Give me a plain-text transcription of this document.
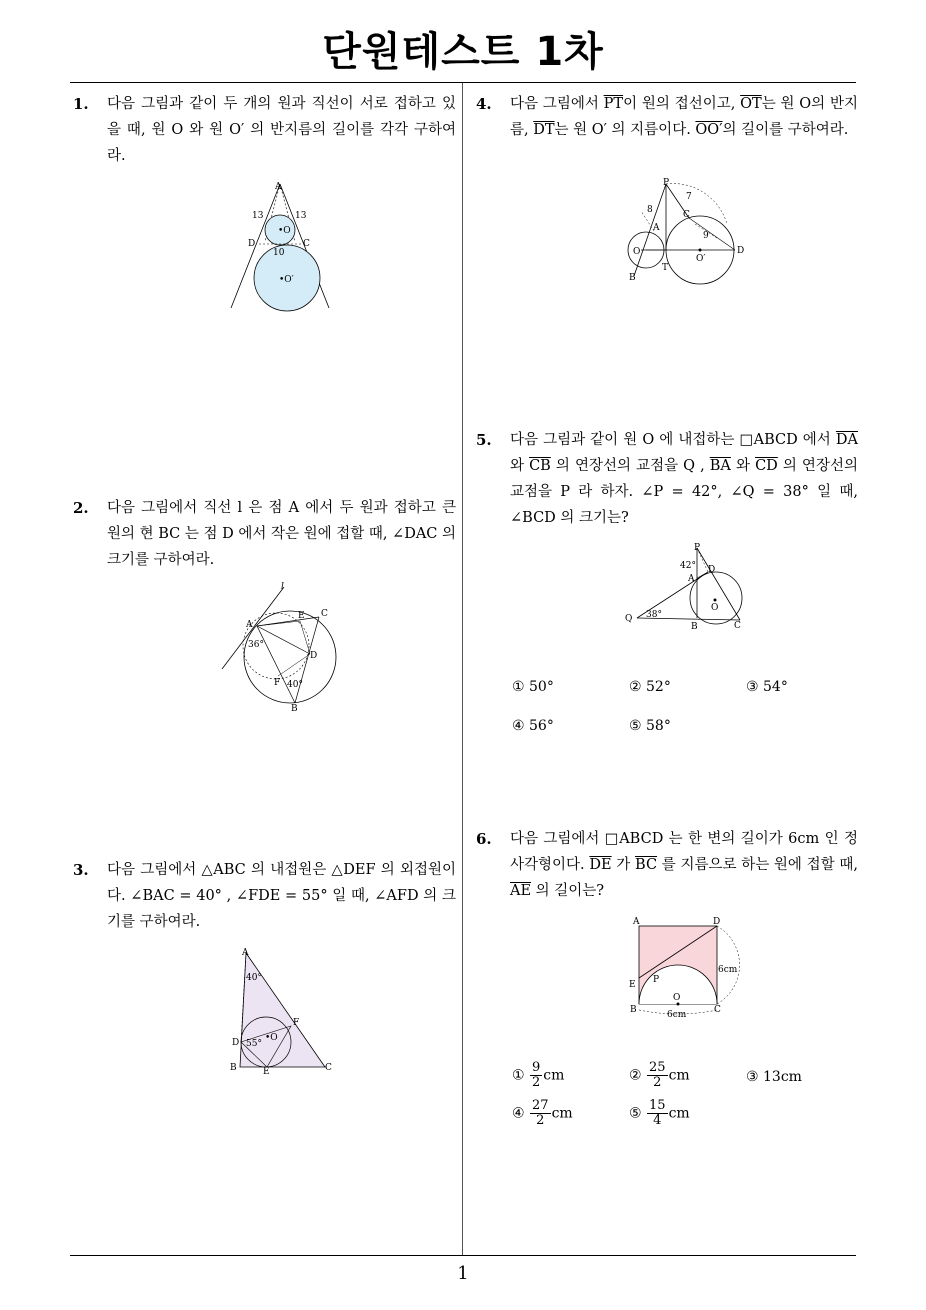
단원테스트 1차
1. 다음 그림과 같이 두 개의 원과 직선이 서로 접하고 있을 때, 원 O 와 원 O′ 의 반지름의 길이를 각각 구하여라.
A
13	13
•O
D	C
10
•O′
2. 다음 그림에서 직선 l 은 점 A 에서 두 원과 접하고 큰 원의 현 BC 는 점 D 에서 작은 원에 접할 때, ∠DAC 의 크기를 구하여라.
l
A
E C
D
F
B
36°
40°
3. 다음 그림에서 △ABC 의 내접원은 △DEF 의 외접원이다. ∠BAC = 40° , ∠FDE = 55° 일 때, ∠AFD 의 크기를 구하여라.
A
40°
F
•O
D 55°
B	E	C
4. 다음 그림에서 $\overline{PT}$이 원의 접선이고, $\overline{OT}$는 원 O의 반지름, $\overline{DT}$는 원 O′ 의 지름이다. OO′의 길이를 구하여라.
P
8
7
C
A
9
O
T
O′
D
B
5. 다음 그림과 같이 원 O 에 내접하는 □ABCD 에서 $\overline{DA}$ 와 $\overline{CB}$ 의 연장선의 교점을 Q , $\overline{BA}$ 와 $\overline{CD}$ 의 연장선의 교점을 P 라 하자. ∠P = 42°, ∠Q = 38° 일 때, ∠BCD 의 크기는?
P
42°
A
D
O
Q 38°
B	C
① 50°	② 52°	③ 54°
④ 56°	⑤ 58°
6. 다음 그림에서 □ABCD 는 한 변의 길이가 6cm 인 정사각형이다. $\overline{DE}$ 가 $\overline{BC}$ 를 지름으로 하는 원에 접할 때, $\overline{AE}$ 의 길이는?
A	D
E P
O
B	C
6cm
6cm
① $\frac{9}{2}$ cm	② $\frac{25}{2}$ cm	③ 13cm
④ $\frac{27}{2}$ cm	⑤ $\frac{15}{4}$ cm
1
